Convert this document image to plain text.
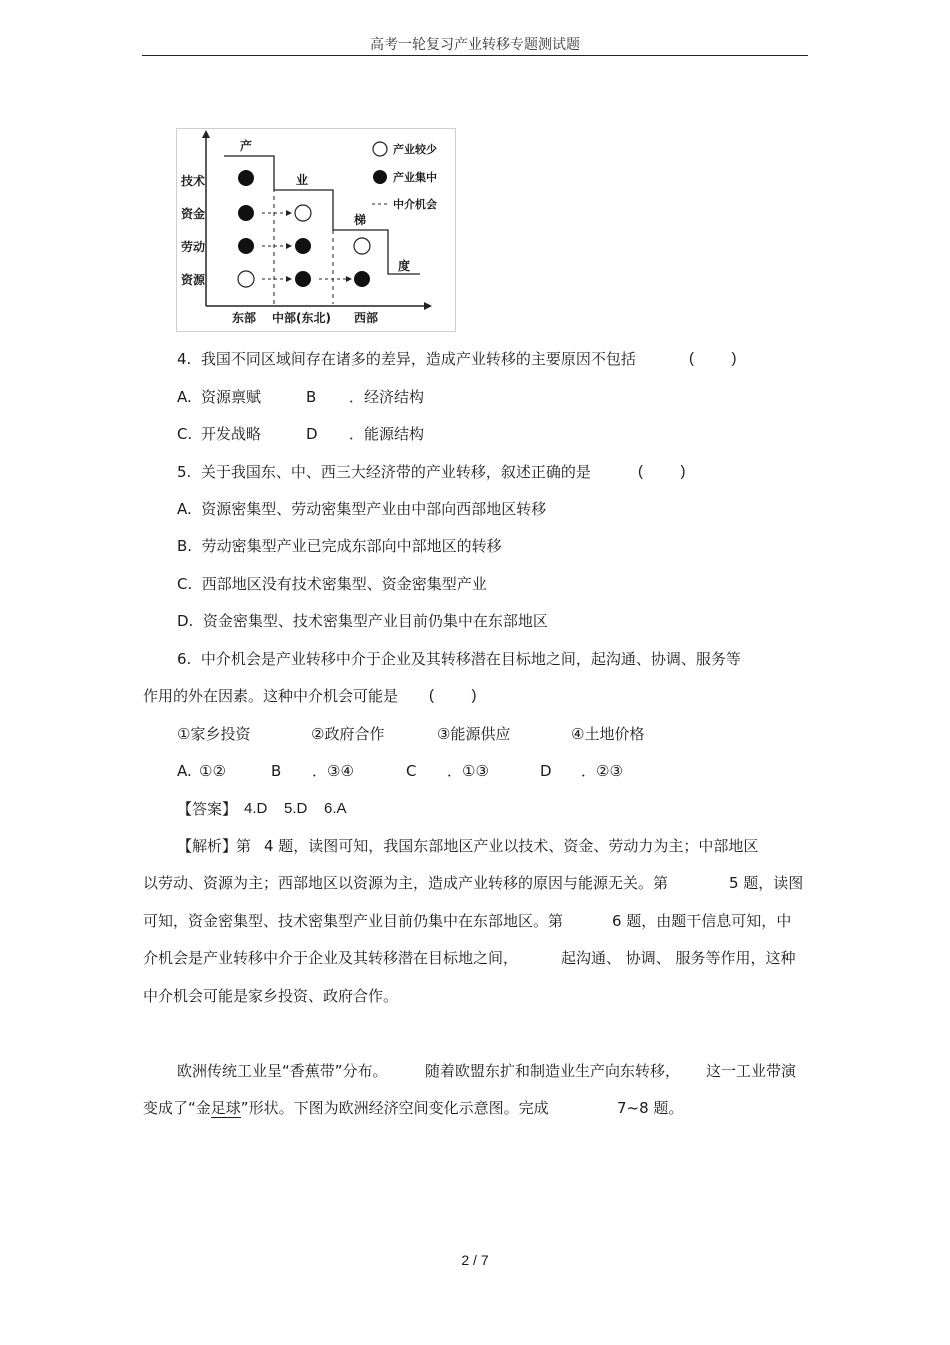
高考一轮复习产业转移专题测试题
产
业
梯
度
技术
资金
劳动
资源
东部 中部(东北) 西部
产业较少
产业集中
中介机会
4.  我国不同区域间存在诸多的差异，造成产业转移的主要原因不包括	(         )
A. 资源禀赋	B ．经济结构
C. 开发战略	D ．能源结构
5.  关于我国东、中、西三大经济带的产业转移，叙述正确的是	(         )
A.  资源密集型、劳动密集型产业由中部向西部地区转移
B.  劳动密集型产业已完成东部向中部地区的转移
C.  西部地区没有技术密集型、资金密集型产业
D.  资金密集型、技术密集型产业目前仍集中在东部地区
6.  中介机会是产业转移中介于企业及其转移潜在目标地之间，起沟通、协调、服务等
作用的外在因素。这种中介机会可能是 (         )
①家乡投资	②政府合作	③能源供应	④土地价格
A. ①②	B ．③④	C ．①③	D ．②③
【答案】 4.D    5.D    6.A
【解析】
第 4 题，读图可知，我国东部地区产业以技术、资金、劳动力为主；中部地区
以劳动、资源为主；西部地区以资源为主，造成产业转移的原因与能源无关。第	5 题，读图
可知，资金密集型、技术密集型产业目前仍集中在东部地区。第	6 题，由题干信息可知，中
介机会是产业转移中介于企业及其转移潜在目标地之间，	起沟通、 协调、 服务等作用，这种
中介机会可能是家乡投资、政府合作。
欧洲传统工业呈“香蕉带”分布。 随着欧盟东扩和制造业生产向东转移， 这一工业带演
变成了“金足球”形状。下图为欧洲经济空间变化示意图。完成	7~8 题。
2 / 7
